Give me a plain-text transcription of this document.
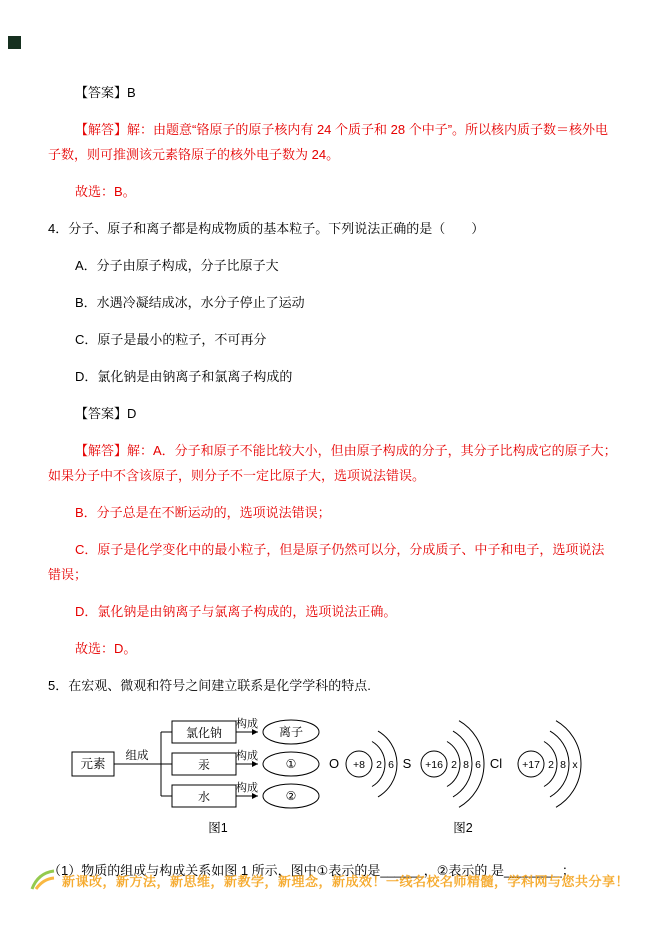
【答案】B

【解答】解：由题意“铬原子的原子核内有 24 个质子和 28 个中子”。所以核内质子数＝核外电子数，则可推测该元素铬原子的核外电子数为 24。

故选：B。

4．分子、原子和离子都是构成物质的基本粒子。下列说法正确的是（　　）

A．分子由原子构成，分子比原子大

B．水遇冷凝结成冰，水分子停止了运动

C．原子是最小的粒子，不可再分

D．氯化钠是由钠离子和氯离子构成的

【答案】D

【解答】解：A．分子和原子不能比较大小，但由原子构成的分子，其分子比构成它的原子大；如果分子中不含该原子，则分子不一定比原子大，选项说法错误。

B．分子总是在不断运动的，选项说法错误；

C．原子是化学变化中的最小粒子，但是原子仍然可以分，分成质子、中子和电子，选项说法错误；

D．氯化钠是由钠离子与氯离子构成的，选项说法正确。

故选：D。

5．在宏观、微观和符号之间建立联系是化学学科的特点.

元素
组成
氯化钠
汞
水
构成
构成
构成
离子
①
②
图1
O +8 2 6 S +16 2 8 6 Cl +17 2 8 x
图2

（1）物质的组成与构成关系如图 1 所示，图中①表示的是______，②表示的 是________；

新课改，新方法，新思维，新教学，新理念，新成效！一线名校名师精髓，学科网与您共分享！
